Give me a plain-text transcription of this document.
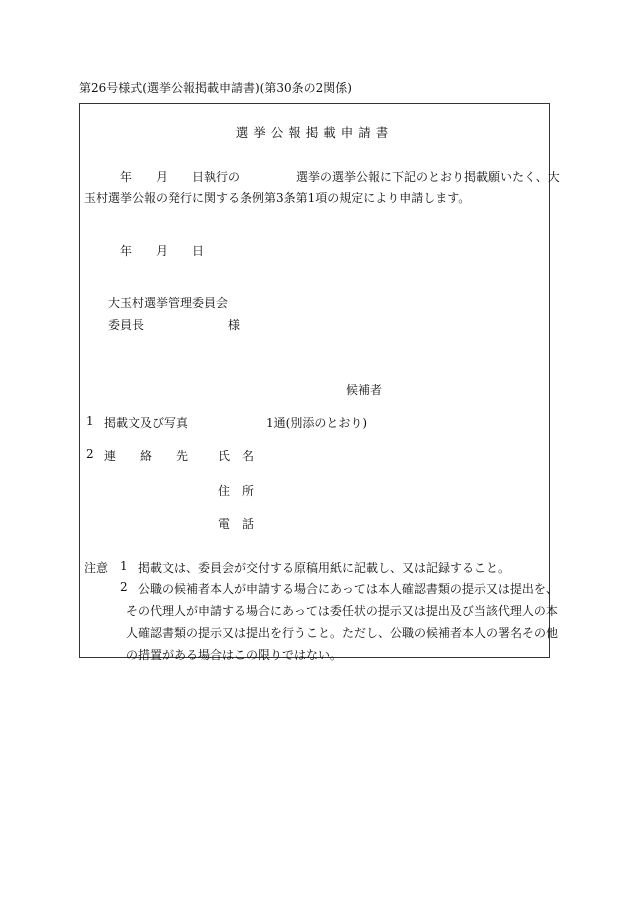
第26号様式(選挙公報掲載申請書)(第30条の2関係)
選挙公報掲載申請書
年 月 日執行の	選挙の選挙公報に下記のとおり掲載願いたく、大
玉村選挙公報の発行に関する条例第3条第1項の規定により申請します。
年 月 日
大玉村選挙管理委員会
委員長	様
候補者
1 掲載文及び写真	1通(別添のとおり)
2 連 絡 先 氏　名
住　所
電　話
注意 1 掲載文は、委員会が交付する原稿用紙に記載し、又は記録すること。
2 公職の候補者本人が申請する場合にあっては本人確認書類の提示又は提出を、
その代理人が申請する場合にあっては委任状の提示又は提出及び当該代理人の本
人確認書類の提示又は提出を行うこと。ただし、公職の候補者本人の署名その他
の措置がある場合はこの限りではない。
